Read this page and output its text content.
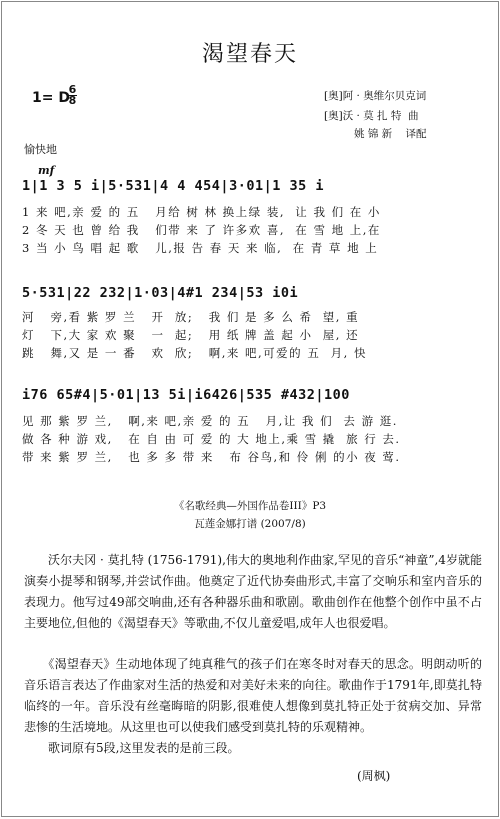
渴望春天
1= D
6
8	[奥]阿 · 奥维尔贝克词
[奥]沃 · 莫 扎 特  曲
姚 锦 新    译配
愉快地
mf
1|1 3 5 i|5·531|4 4 454|3·01|1 35 i
1 来 吧,亲 爱 的 五   月给 树 林 换上绿 装,  让 我 们 在 小
2 冬 天 也 曾 给 我   们带 来 了 许多欢 喜,  在 雪 地 上,在
3 当 小 鸟 唱 起 歌   儿,报 告 春 天 来 临,  在 青 草 地 上
5·531|22 232|1·03|4#1 234|53 i0i
河   旁,看 紫 罗 兰   开  放;   我 们 是 多 么 希  望, 重
灯   下,大 家 欢 聚   一  起;   用 纸 牌 盖 起 小  屋, 还
跳   舞,又 是 一 番   欢  欣;   啊,来 吧,可爱的 五  月, 快
i76 65#4|5·01|13 5i|i6426|535 #432|100
见 那 紫 罗 兰,   啊,来 吧,亲 爱 的 五   月,让 我 们  去 游 逛.
做 各 种 游 戏,   在 自 由 可 爱 的 大 地上,乘 雪 撬  旅 行 去.
带 来 紫 罗 兰,   也 多 多 带 来   布 谷鸟,和 伶 俐 的小 夜 莺.
《名歌经典—外国作品卷III》P3
瓦莲金娜打谱 (2007/8)
　　沃尔夫冈 · 莫扎特 (1756-1791),伟大的奥地利作曲家,罕见的音乐“神童”,4岁就能演奏小提琴和钢琴,并尝试作曲。他奠定了近代协奏曲形式,丰富了交响乐和室内音乐的表现力。他写过49部交响曲,还有各种器乐曲和歌剧。歌曲创作在他整个创作中虽不占主要地位,但他的《渴望春天》等歌曲,不仅儿童爱唱,成年人也很爱唱。
　　《渴望春天》生动地体现了纯真稚气的孩子们在寒冬时对春天的思念。明朗动听的音乐语言表达了作曲家对生活的热爱和对美好未来的向往。歌曲作于1791年,即莫扎特临终的一年。音乐没有丝毫晦暗的阴影,很难使人想像到莫扎特正处于贫病交加、异常悲惨的生活境地。从这里也可以使我们感受到莫扎特的乐观精神。
　　歌词原有5段,这里发表的是前三段。
(周枫)
